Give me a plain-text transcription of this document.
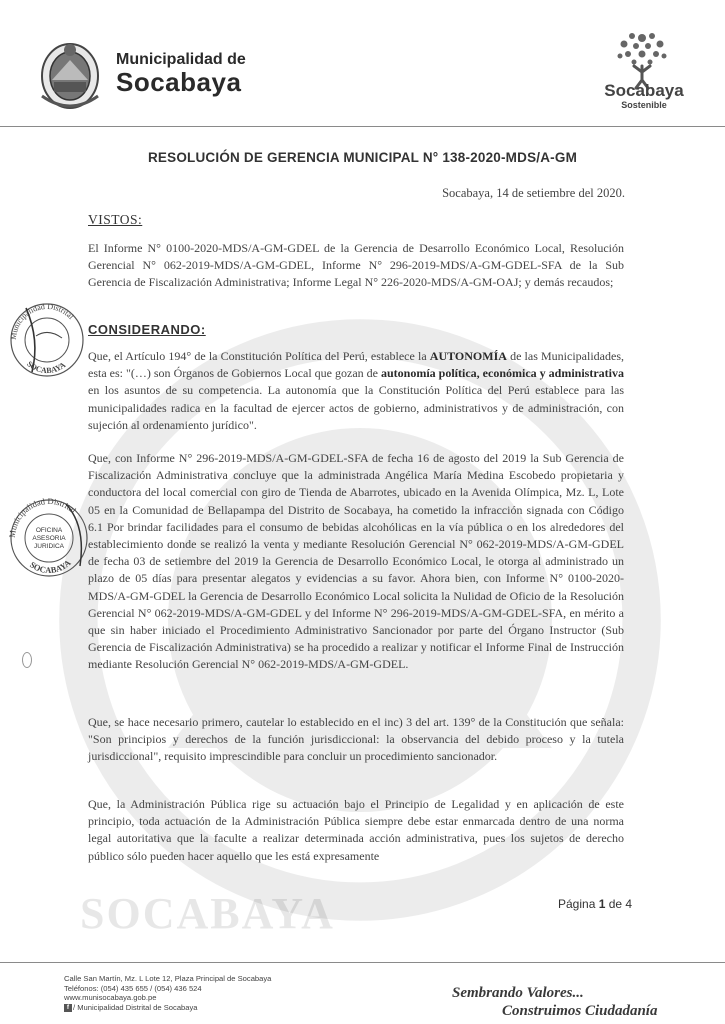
SOCABAYA
Municipalidad de
Socabaya	Socabaya
Sostenible
RESOLUCIÓN DE GERENCIA MUNICIPAL N° 138-2020-MDS/A-GM
Socabaya, 14 de setiembre del 2020.
VISTOS:
El Informe N° 0100-2020-MDS/A-GM-GDEL de la Gerencia de Desarrollo Económico Local, Resolución Gerencial N° 062-2019-MDS/A-GM-GDEL, Informe N° 296-2019-MDS/A-GM-GDEL-SFA de la Sub Gerencia de Fiscalización Administrativa; Informe Legal N° 226-2020-MDS/A-GM-OAJ; y demás recaudos;
CONSIDERANDO:
Que, el Artículo 194° de la Constitución Política del Perú, establece la AUTONOMÍA de las Municipalidades, esta es: "(…) son Órganos de Gobiernos Local que gozan de autonomía política, económica y administrativa en los asuntos de su competencia. La autonomía que la Constitución Política del Perú establece para las municipalidades radica en la facultad de ejercer actos de gobierno, administrativos y de administración, con sujeción al ordenamiento jurídico".
Que, con Informe N° 296-2019-MDS/A-GM-GDEL-SFA de fecha 16 de agosto del 2019 la Sub Gerencia de Fiscalización Administrativa concluye que la administrada Angélica María Medina Escobedo propietaria y conductora del local comercial con giro de Tienda de Abarrotes, ubicado en la Avenida Olímpica, Mz. L, Lote 05 en la Comunidad de Bellapampa del Distrito de Socabaya, ha cometido la infracción signada con Código 6.1 Por brindar facilidades para el consumo de bebidas alcohólicas en la vía pública o en los alrededores del establecimiento donde se realizó la venta y mediante Resolución Gerencial N° 062-2019-MDS/A-GM-GDEL de fecha 03 de setiembre del 2019 la Gerencia de Desarrollo Económico Local, le otorga al administrado un plazo de 05 días para presentar alegatos y evidencias a su favor. Ahora bien, con Informe N° 0100-2020-MDS/A-GM-GDEL la Gerencia de Desarrollo Económico Local solicita la Nulidad de Oficio de la Resolución Gerencial N° 062-2019-MDS/A-GM-GDEL y del Informe N° 296-2019-MDS/A-GM-GDEL-SFA, en mérito a que sin haber iniciado el Procedimiento Administrativo Sancionador por parte del Órgano Instructor (Sub Gerencia de Fiscalización Administrativa) se ha procedido a realizar y notificar el Informe Final de Instrucción mediante Resolución Gerencial N° 062-2019-MDS/A-GM-GDEL.
Que, se hace necesario primero, cautelar lo establecido en el inc) 3 del art. 139° de la Constitución que señala: "Son principios y derechos de la función jurisdiccional: la observancia del debido proceso y la tutela jurisdiccional", requisito imprescindible para concluir un procedimiento sancionador.
Que, la Administración Pública rige su actuación bajo el Principio de Legalidad y en aplicación de este principio, toda actuación de la Administración Pública siempre debe estar enmarcada dentro de una norma legal autoritativa que la faculte a realizar determinada acción administrativa, pues los sujetos de derecho público sólo pueden hacer aquello que les está expresamente
Municipalidad Distrital
SOCABAYA
Municipalidad Distrital
SOCABAYA
OFICINA
ASESORIA
JURIDICA
Página 1 de 4
Calle San Martín, Mz. L Lote 12, Plaza Principal de Socabaya
Teléfonos: (054) 435 655 / (054) 436 524
www.munisocabaya.gob.pe
f / Municipalidad Distrital de Socabaya
Sembrando Valores...
Construimos Ciudadanía
